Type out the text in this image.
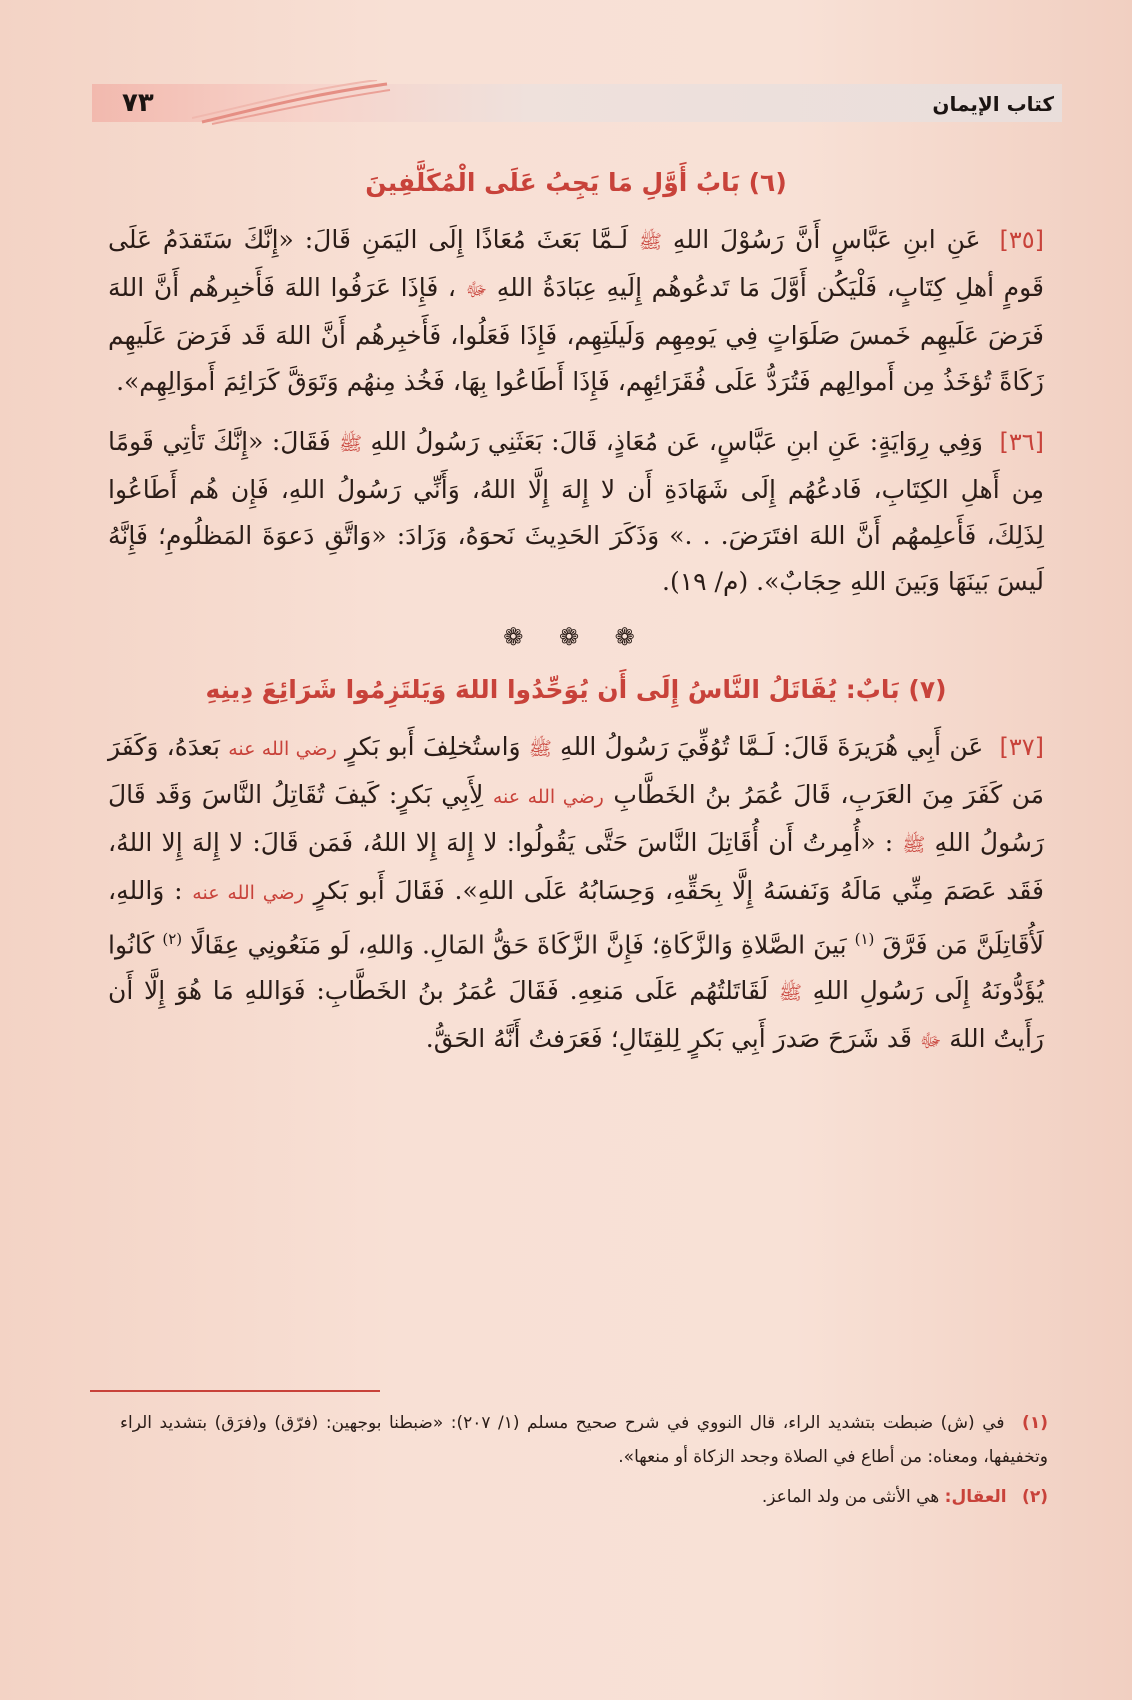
٧٣	كتاب الإيمان
(٦) بَابُ أَوَّلِ مَا يَجِبُ عَلَى الْمُكَلَّفِينَ

[٣٥] عَنِ ابنِ عَبَّاسٍ أَنَّ رَسُوْلَ اللهِ ﷺ لَـمَّا بَعَثَ مُعَاذًا إِلَى اليَمَنِ قَالَ: «إِنَّكَ سَتَقدَمُ عَلَى قَومٍ أهلِ كِتَابٍ، فَلْيَكُن أَوَّلَ مَا تَدعُوهُم إِلَيهِ عِبَادَةُ اللهِ ﷻ ، فَإِذَا عَرَفُوا اللهَ فَأَخبِرهُم أَنَّ اللهَ فَرَضَ عَلَيهِم خَمسَ صَلَوَاتٍ فِي يَومِهِم وَلَيلَتِهِم، فَإِذَا فَعَلُوا، فَأَخبِرهُم أَنَّ اللهَ قَد فَرَضَ عَلَيهِم زَكَاةً تُؤخَذُ مِن أَموالِهم فَتُرَدُّ عَلَى فُقَرَائِهِم، فَإِذَا أَطَاعُوا بِهَا، فَخُذ مِنهُم وَتَوَقَّ كَرَائِمَ أَموَالِهِم».

[٣٦] وَفِي رِوَايَةٍ: عَنِ ابنِ عَبَّاسٍ، عَن مُعَاذٍ، قَالَ: بَعَثَنِي رَسُولُ اللهِ ﷺ فَقَالَ: «إِنَّكَ تَأتِي قَومًا مِن أَهلِ الكِتَابِ، فَادعُهُم إِلَى شَهَادَةِ أَن لا إِلهَ إِلَّا اللهُ، وَأَنِّي رَسُولُ اللهِ، فَإِن هُم أَطَاعُوا لِذَلِكَ، فَأَعلِمهُم أَنَّ اللهَ افتَرَضَ. . .» وَذَكَرَ الحَدِيثَ نَحوَهُ، وَزَادَ: «وَاتَّقِ دَعوَةَ المَظلُومِ؛ فَإِنَّهُ لَيسَ بَينَهَا وَبَينَ اللهِ حِجَابٌ». (م/ ١٩).

❁ ❁ ❁
(٧) بَابٌ: يُقَاتَلُ النَّاسُ إِلَى أَن يُوَحِّدُوا اللهَ وَيَلتَزِمُوا شَرَائِعَ دِينِهِ

[٣٧] عَن أَبِي هُرَيرَةَ قَالَ: لَـمَّا تُوُفِّيَ رَسُولُ اللهِ ﷺ وَاستُخلِفَ أَبو بَكرٍ رضي الله عنه بَعدَهُ، وَكَفَرَ مَن كَفَرَ مِنَ العَرَبِ، قَالَ عُمَرُ بنُ الخَطَّابِ رضي الله عنه لِأَبِي بَكرٍ: كَيفَ تُقَاتِلُ النَّاسَ وَقَد قَالَ رَسُولُ اللهِ ﷺ : «أُمِرتُ أَن أُقَاتِلَ النَّاسَ حَتَّى يَقُولُوا: لا إِلهَ إِلا اللهُ، فَمَن قَالَ: لا إِلهَ إِلا اللهُ، فَقَد عَصَمَ مِنِّي مَالَهُ وَنَفسَهُ إِلَّا بِحَقِّهِ، وَحِسَابُهُ عَلَى اللهِ». فَقَالَ أَبو بَكرٍ رضي الله عنه : وَاللهِ، لَأُقَاتِلَنَّ مَن فَرَّقَ $^{(١)}$ بَينَ الصَّلاةِ وَالزَّكَاةِ؛ فَإِنَّ الزَّكَاةَ حَقُّ المَالِ. وَاللهِ، لَو مَنَعُونِي عِقَالًا $^{(٢)}$ كَانُوا يُؤَدُّونَهُ إِلَى رَسُولِ اللهِ ﷺ لَقَاتَلتُهُم عَلَى مَنعِهِ. فَقَالَ عُمَرُ بنُ الخَطَّابِ: فَوَاللهِ مَا هُوَ إِلَّا أَن رَأَيتُ اللهَ ﷻ قَد شَرَحَ صَدرَ أَبِي بَكرٍ لِلقِتَالِ؛ فَعَرَفتُ أَنَّهُ الحَقُّ.

(١) في (ش) ضبطت بتشديد الراء، قال النووي في شرح صحيح مسلم (١/ ٢٠٧): «ضبطنا بوجهين: (فرّق) و(فرَق) بتشديد الراء وتخفيفها، ومعناه: من أطاع في الصلاة وجحد الزكاة أو منعها».

(٢) العقال: هي الأنثى من ولد الماعز.
